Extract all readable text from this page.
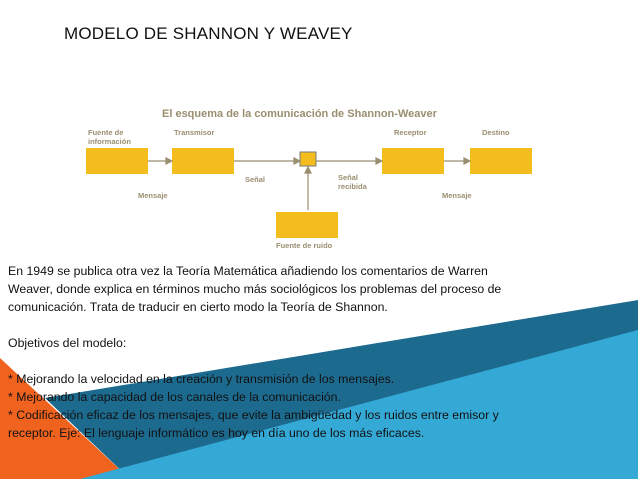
MODELO DE SHANNON Y WEAVEY
El esquema de la comunicación de Shannon-Weaver
Fuente de
información
Transmisor	Receptor	Destino
Mensaje
Señal	Señal
recibida
Mensaje
Fuente de ruido

En 1949 se publica otra vez la Teoría Matemática añadiendo los comentarios de Warren

Weaver, donde explica en términos mucho más sociológicos los problemas del proceso de

comunicación. Trata de traducir en cierto modo la Teoría de Shannon.

Objetivos del modelo:

* Mejorando la velocidad en la creación y transmisión de los mensajes.

* Mejorando la capacidad de los canales de la comunicación.

* Codificación eficaz de los mensajes, que evite la ambigüedad y los ruidos entre emisor y

receptor. Eje: El lenguaje informático es hoy en día uno de los más eficaces.
